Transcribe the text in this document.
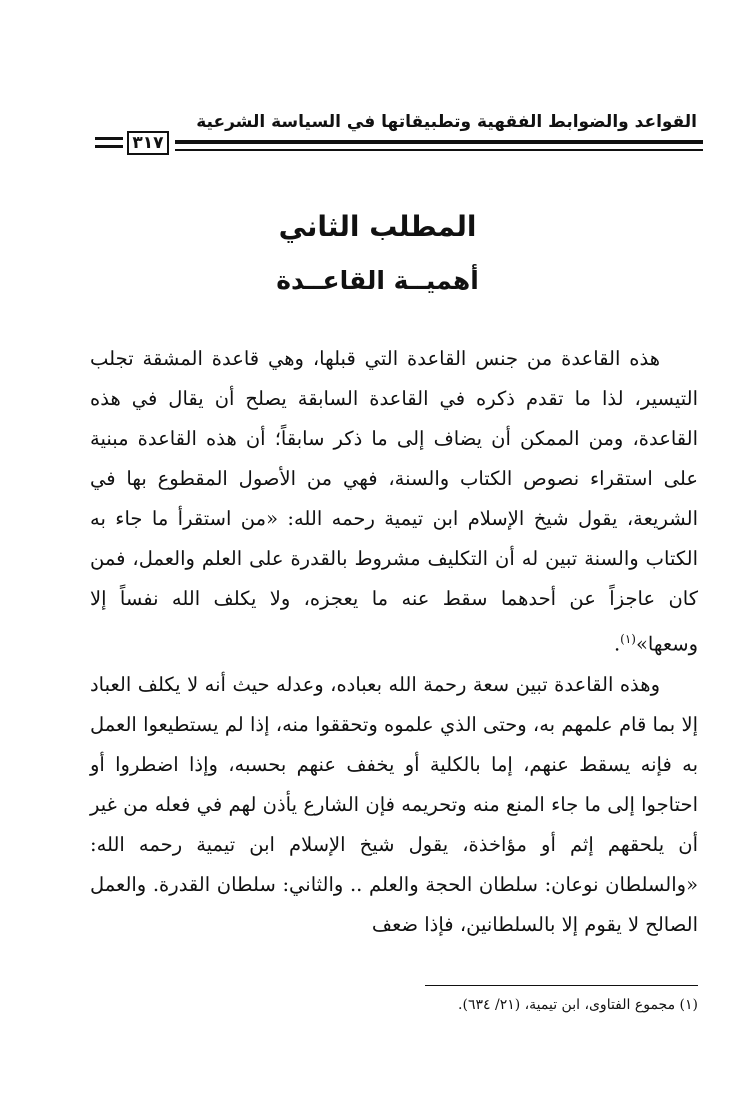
القواعد والضوابط الفقهية وتطبيقاتها في السياسة الشرعية
٣١٧
المطلب الثاني
أهميــة القاعــدة

هذه القاعدة من جنس القاعدة التي قبلها، وهي قاعدة المشقة تجلب التيسير، لذا ما تقدم ذكره في القاعدة السابقة يصلح أن يقال في هذه القاعدة، ومن الممكن أن يضاف إلى ما ذكر سابقاً؛ أن هذه القاعدة مبنية على استقراء نصوص الكتاب والسنة، فهي من الأصول المقطوع بها في الشريعة، يقول شيخ الإسلام ابن تيمية رحمه الله: «من استقرأ ما جاء به الكتاب والسنة تبين له أن التكليف مشروط بالقدرة على العلم والعمل، فمن كان عاجزاً عن أحدهما سقط عنه ما يعجزه، ولا يكلف الله نفساً إلا وسعها»$^{(١)}$.

وهذه القاعدة تبين سعة رحمة الله بعباده، وعدله حيث أنه لا يكلف العباد إلا بما قام علمهم به، وحتى الذي علموه وتحققوا منه، إذا لم يستطيعوا العمل به فإنه يسقط عنهم، إما بالكلية أو يخفف عنهم بحسبه، وإذا اضطروا أو احتاجوا إلى ما جاء المنع منه وتحريمه فإن الشارع يأذن لهم في فعله من غير أن يلحقهم إثم أو مؤاخذة، يقول شيخ الإسلام ابن تيمية رحمه الله: «والسلطان نوعان: سلطان الحجة والعلم .. والثاني: سلطان القدرة. والعمل الصالح لا يقوم إلا بالسلطانين، فإذا ضعف

(١) مجموع الفتاوى، ابن تيمية، (٢١/ ٦٣٤).
